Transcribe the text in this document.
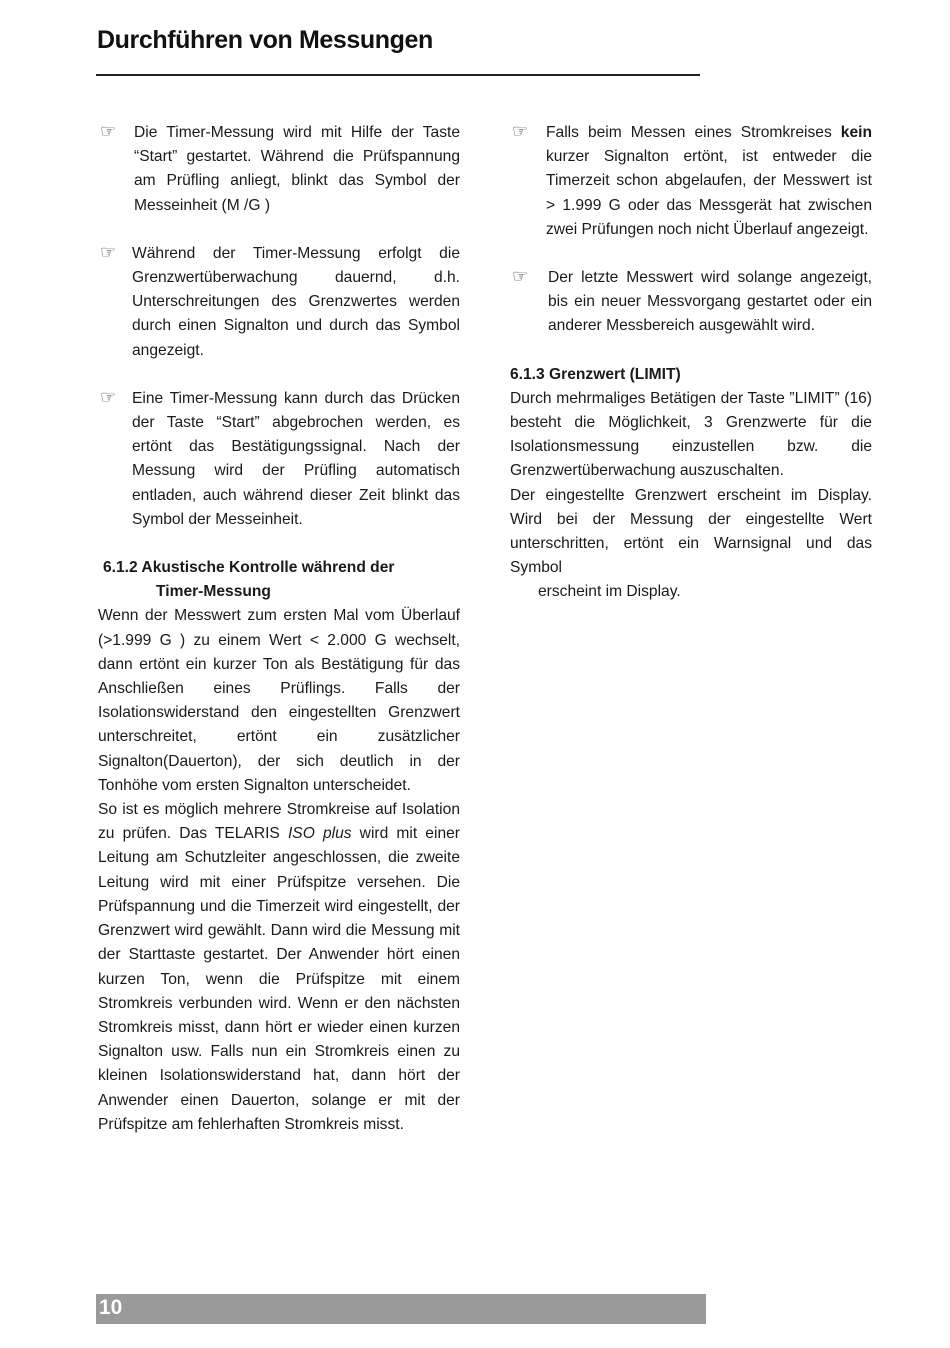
Durchführen von Messungen
☞ Die Timer-Messung wird mit Hilfe der Taste “Start” gestartet. Während die Prüfspannung am Prüfling anliegt, blinkt das Symbol der Messeinheit (M /G )
☞ Während der Timer-Messung erfolgt die Grenzwertüberwachung dauernd, d.h. Unterschreitungen des Grenzwertes werden durch einen Signalton und durch das Symbol angezeigt.
☞ Eine Timer-Messung kann durch das Drücken der Taste “Start” abgebrochen werden, es ertönt das Bestätigungssignal. Nach der Messung wird der Prüfling automatisch entladen, auch während dieser Zeit blinkt das Symbol der Messeinheit.
6.1.2 Akustische Kontrolle während der
Timer-Messung

Wenn der Messwert zum ersten Mal vom Überlauf (>1.999 G ) zu einem Wert < 2.000 G wechselt, dann ertönt ein kurzer Ton als Bestätigung für das Anschließen eines Prüflings. Falls der Isolationswiderstand den eingestellten Grenzwert unterschreitet, ertönt ein zusätzlicher Signalton(Dauerton), der sich deutlich in der Tonhöhe vom ersten Signalton unterscheidet.

So ist es möglich mehrere Stromkreise auf Isolation zu prüfen. Das TELARIS ISO plus wird mit einer Leitung am Schutzleiter angeschlossen, die zweite Leitung wird mit einer Prüfspitze versehen. Die Prüfspannung und die Timerzeit wird eingestellt, der Grenzwert wird gewählt. Dann wird die Messung mit der Starttaste gestartet. Der Anwender hört einen kurzen Ton, wenn die Prüfspitze mit einem Stromkreis verbunden wird. Wenn er den nächsten Stromkreis misst, dann hört er wieder einen kurzen Signalton usw. Falls nun ein Stromkreis einen zu kleinen Isolationswiderstand hat, dann hört der Anwender einen Dauerton, solange er mit der Prüfspitze am fehlerhaften Stromkreis misst.

☞ Falls beim Messen eines Stromkreises kein kurzer Signalton ertönt, ist entweder die Timerzeit schon abgelaufen, der Messwert ist > 1.999 G oder das Messgerät hat zwischen zwei Prüfungen noch nicht Überlauf angezeigt.
☞ Der letzte Messwert wird solange angezeigt, bis ein neuer Messvorgang gestartet oder ein anderer Messbereich ausgewählt wird.
6.1.3 Grenzwert (LIMIT)

Durch mehrmaliges Betätigen der Taste ”LIMIT” (16) besteht die Möglichkeit, 3 Grenzwerte für die Isolationsmessung einzustellen bzw. die Grenzwertüberwachung auszuschalten.

Der eingestellte Grenzwert erscheint im Display. Wird bei der Messung der eingestellte Wert unterschritten, ertönt ein Warnsignal und das Symbol
erscheint im Display.

10
